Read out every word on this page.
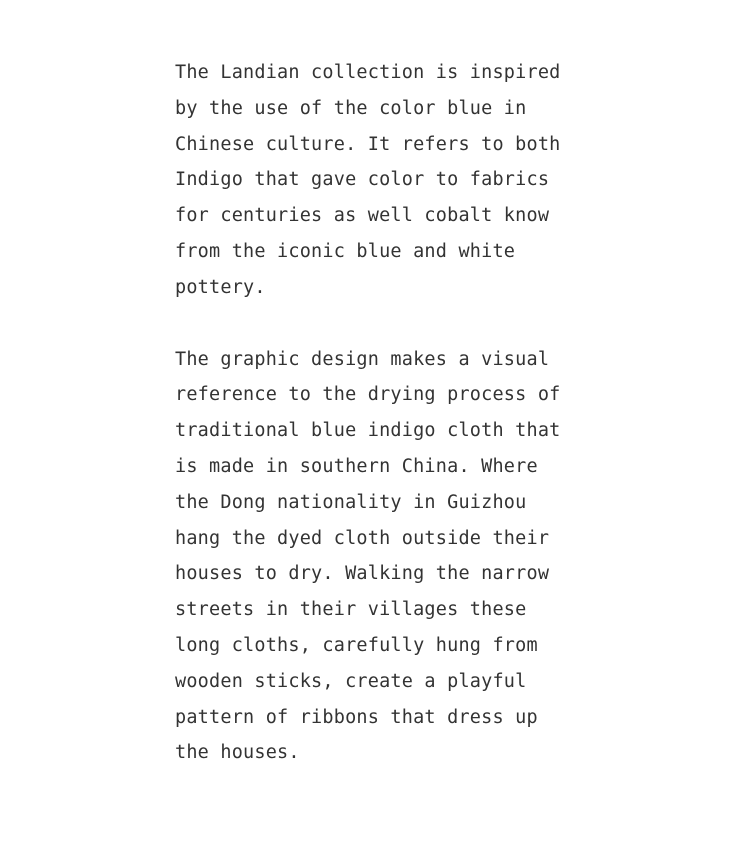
The Landian collection is inspired
by the use of the color blue in
Chinese culture. It refers to both
Indigo that gave color to fabrics
for centuries as well cobalt know
from the iconic blue and white
pottery.

The graphic design makes a visual
reference to the drying process of
traditional blue indigo cloth that
is made in southern China. Where
the Dong nationality in Guizhou
hang the dyed cloth outside their
houses to dry. Walking the narrow
streets in their villages these
long cloths, carefully hung from
wooden sticks, create a playful
pattern of ribbons that dress up
the houses.
